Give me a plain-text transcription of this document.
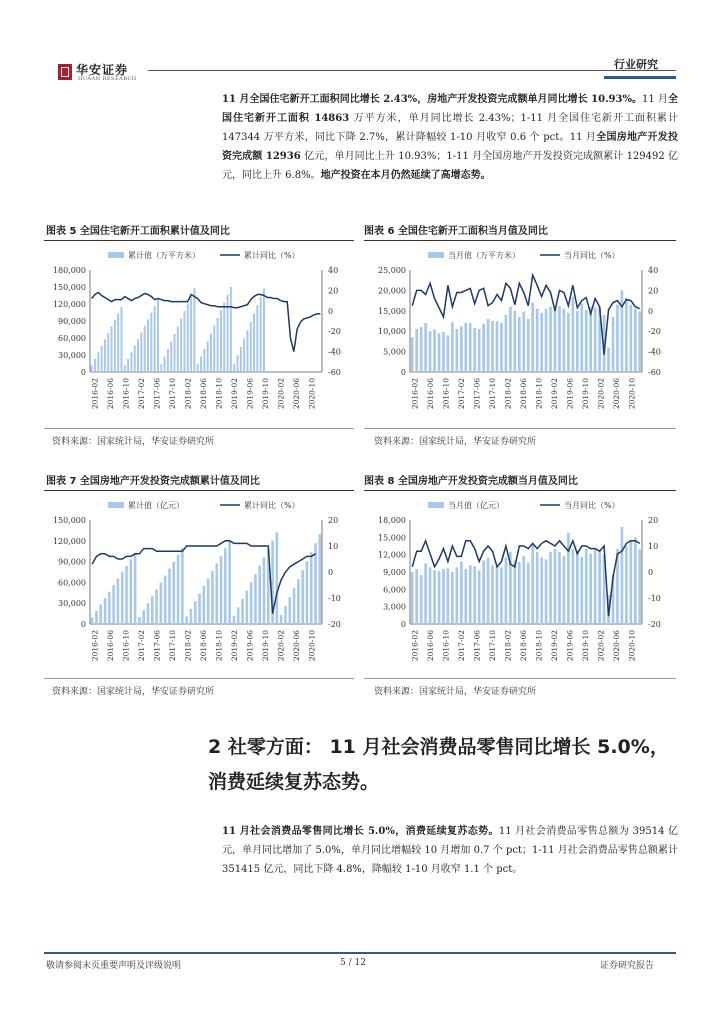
华安证券
HUAAN RESEARCH
行业研究
11 月全国住宅新开工面积同比增长 2.43%，房地产开发投资完成额单月同比增长 10.93%。11 月全国住宅新开工面积 14863 万平方米，单月同比增长 2.43%；1-11 月全国住宅新开工面积累计 147344 万平方米，同比下降 2.7%，累计降幅较 1-10 月收窄 0.6 个 pct。11 月全国房地产开发投资完成额 12936 亿元，单月同比上升 10.93%；1-11 月全国房地产开发投资完成额累计 129492 亿元，同比上升 6.8%。地产投资在本月仍然延续了高增态势。
图表 5 全国住宅新开工面积累计值及同比	图表 6 全国住宅新开工面积当月值及同比
累计值（万平方米）	累计同比（%）
0
30,000
60,000
90,000
120,000
150,000
180,000
-60
-40
-20
0
20
40
2016-02 2016-06 2016-10 2017-02 2017-06 2017-10 2018-02 2018-06 2018-10 2019-02 2019-06 2019-10 2020-02 2020-06 2020-10
当月值（万平方米）	当月同比（%）
0
5,000
10,000
15,000
20,000
25,000
-60
-40
-20
0
20
40
2016-02 2016-06 2016-10 2017-02 2017-06 2017-10 2018-02 2018-06 2018-10 2019-02 2019-06 2019-10 2020-02 2020-06 2020-10
资料来源：国家统计局，华安证券研究所	资料来源：国家统计局，华安证券研究所
图表 7 全国房地产开发投资完成额累计值及同比	图表 8 全国房地产开发投资完成额当月值及同比
累计值（亿元）	累计同比（%）
0
30,000
60,000
90,000
120,000
150,000
-20
-10
0
10
20
2016-02 2016-06 2016-10 2017-02 2017-06 2017-10 2018-02 2018-06 2018-10 2019-02 2019-06 2019-10 2020-02 2020-06 2020-10
当月值（亿元）	当月同比（%）
0
3,000
6,000
9,000
12,000
15,000
18,000
-20
-10
0
10
20
2016-02 2016-06 2016-10 2017-02 2017-06 2017-10 2018-02 2018-06 2018-10 2019-02 2019-06 2019-10 2020-02 2020-06 2020-10
资料来源：国家统计局，华安证券研究所	资料来源：国家统计局，华安证券研究所
2 社零方面： 11 月社会消费品零售同比增长 5.0%，消费延续复苏态势。
11 月社会消费品零售同比增长 5.0%，消费延续复苏态势。11 月社会消费品零售总额为 39514 亿元，单月同比增加了 5.0%，单月同比增幅较 10 月增加 0.7 个 pct；1-11 月社会消费品零售总额累计 351415 亿元，同比下降 4.8%，降幅较 1-10 月收窄 1.1 个 pct。
敬请参阅末页重要声明及评级说明	5 / 12	证券研究报告
